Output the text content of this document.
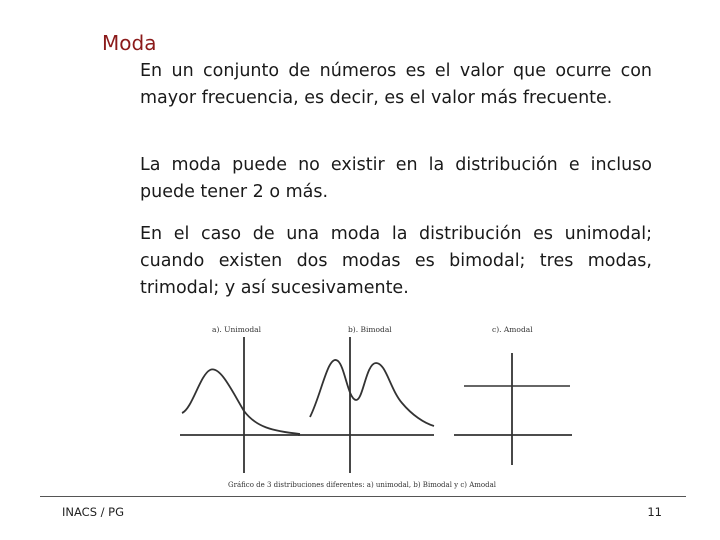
Moda
En un conjunto de números es el valor que ocurre con mayor frecuencia, es decir, es el valor más frecuente.
La moda puede no existir en la distribución e incluso puede tener 2 o más.
En el caso de una moda la distribución es unimodal; cuando existen dos modas es bimodal; tres modas, trimodal; y así sucesivamente.
a). Unimodal	b). Bimodal	c). Amodal
Gráfico de 3 distribuciones diferentes: a) unimodal, b) Bimodal y c) Amodal
INACS / PG	11
